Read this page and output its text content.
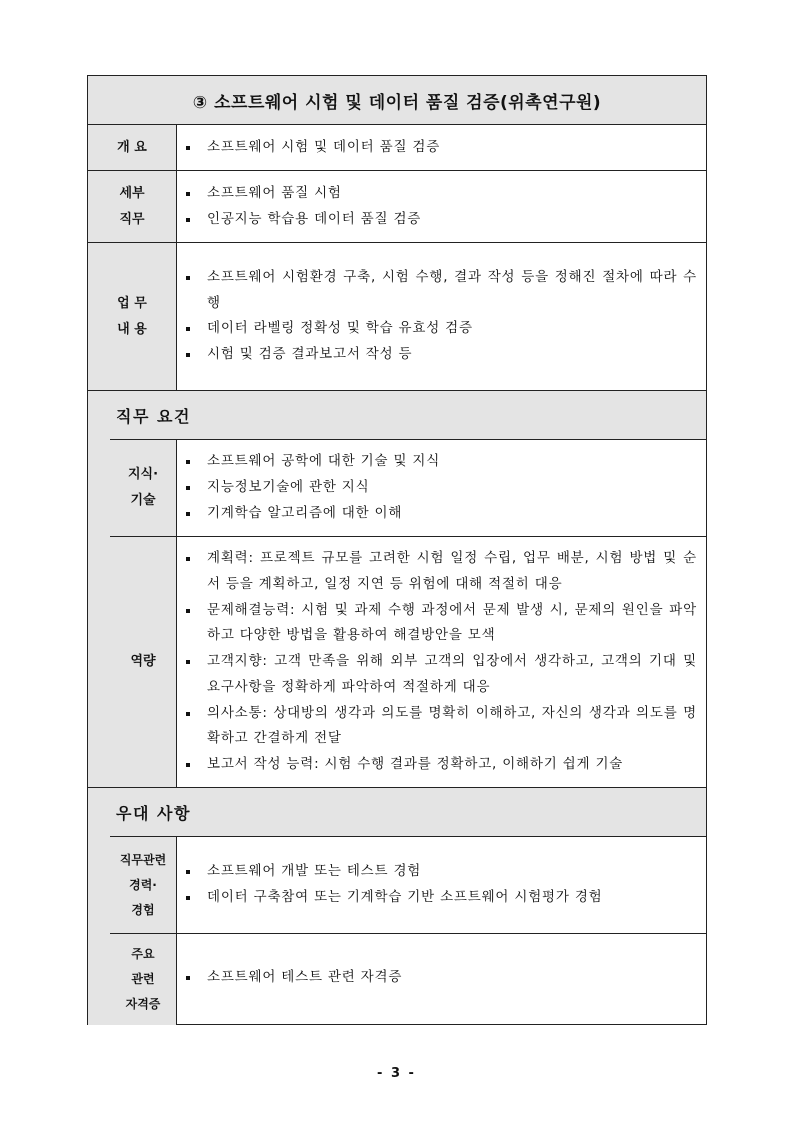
③ 소프트웨어 시험 및 데이터 품질 검증(위촉연구원)
개 요	소프트웨어 시험 및 데이터 품질 검증
세부
직무
소프트웨어 품질 시험
인공지능 학습용 데이터 품질 검증
업 무
내 용
소프트웨어 시험환경 구축, 시험 수행, 결과 작성 등을 정해진 절차에 따라 수행
데이터 라벨링 정확성 및 학습 유효성 검증
시험 및 검증 결과보고서 작성 등
직무 요건
지식·
기술
소프트웨어 공학에 대한 기술 및 지식
지능정보기술에 관한 지식
기계학습 알고리즘에 대한 이해
역량
계획력: 프로젝트 규모를 고려한 시험 일정 수립, 업무 배분, 시험 방법 및 순서 등을 계획하고, 일정 지연 등 위험에 대해 적절히 대응
문제해결능력: 시험 및 과제 수행 과정에서 문제 발생 시, 문제의 원인을 파악하고 다양한 방법을 활용하여 해결방안을 모색
고객지향: 고객 만족을 위해 외부 고객의 입장에서 생각하고, 고객의 기대 및 요구사항을 정확하게 파악하여 적절하게 대응
의사소통: 상대방의 생각과 의도를 명확히 이해하고, 자신의 생각과 의도를 명확하고 간결하게 전달
보고서 작성 능력: 시험 수행 결과를 정확하고, 이해하기 쉽게 기술
우대 사항
직무관련
경력·
경험
소프트웨어 개발 또는 테스트 경험
데이터 구축참여 또는 기계학습 기반 소프트웨어 시험평가 경험
주요
관련
자격증
소프트웨어 테스트 관련 자격증
- 3 -
